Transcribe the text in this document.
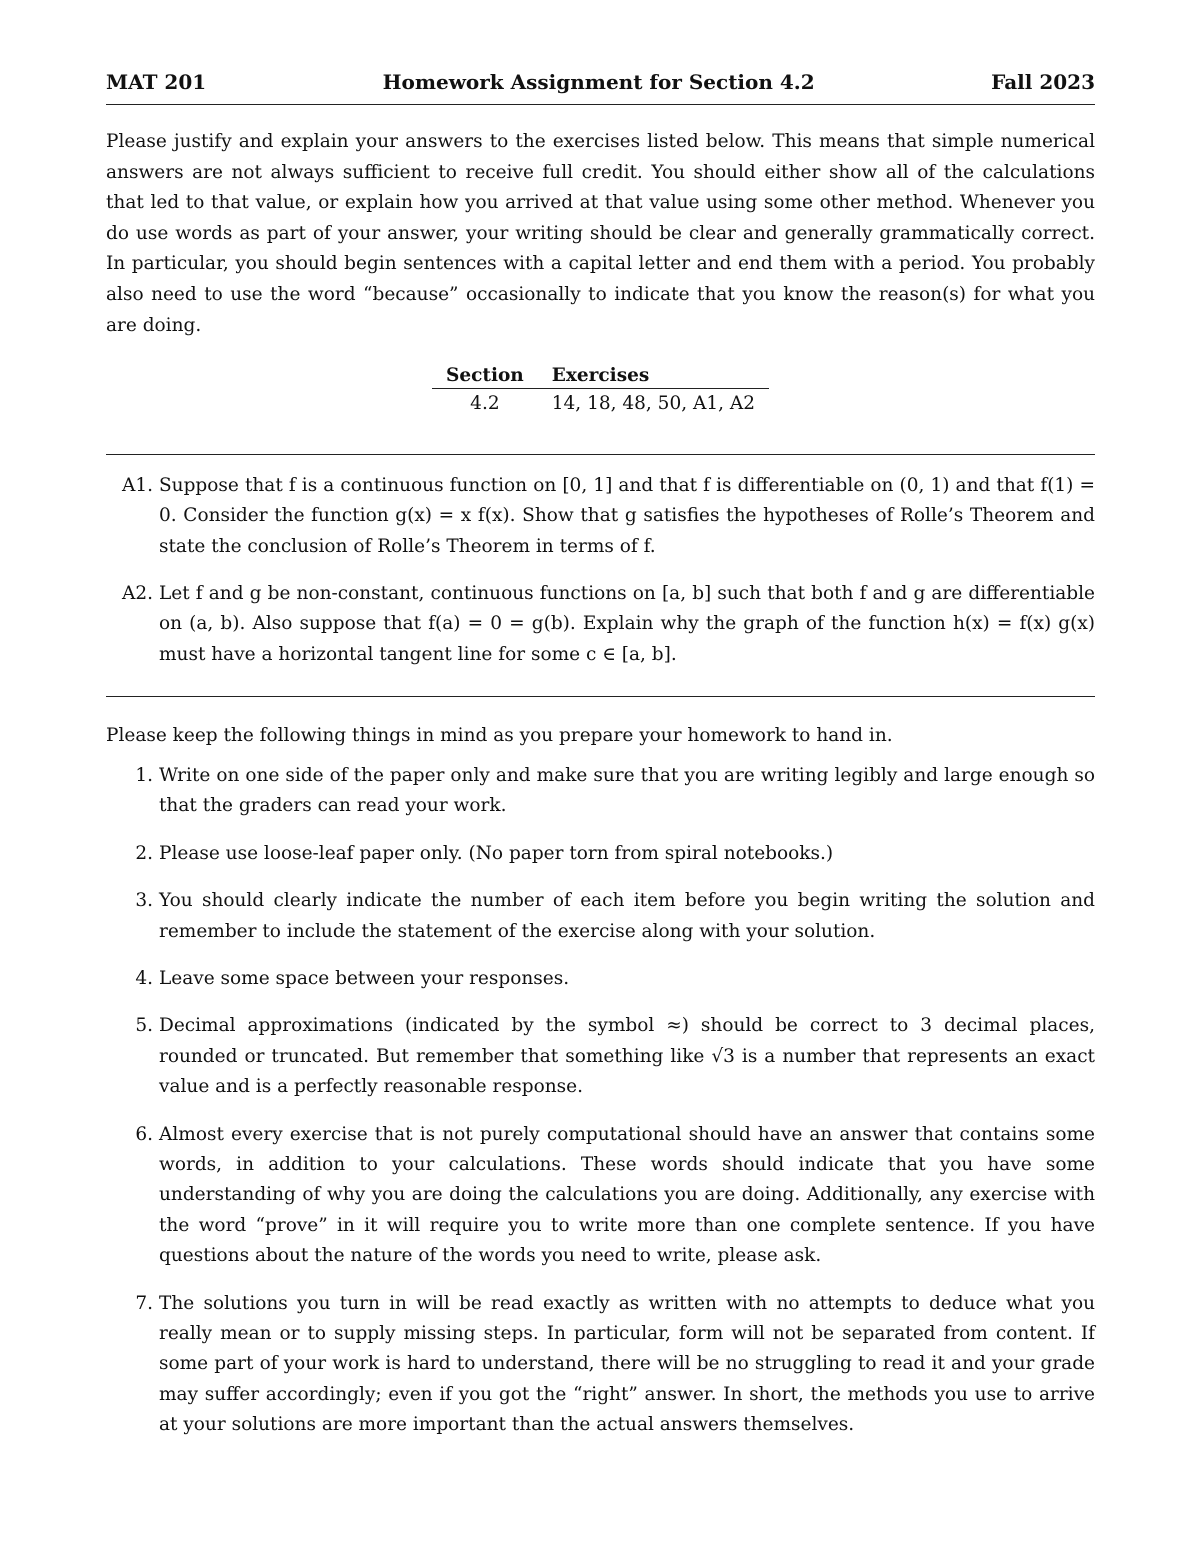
MAT 201	Homework Assignment for Section 4.2	Fall 2023

Please justify and explain your answers to the exercises listed below. This means that simple numerical answers are not always sufficient to receive full credit. You should either show all of the calculations that led to that value, or explain how you arrived at that value using some other method. Whenever you do use words as part of your answer, your writing should be clear and generally grammatically correct. In particular, you should begin sentences with a capital letter and end them with a period. You probably also need to use the word “because” occasionally to indicate that you know the reason(s) for what you are doing.

Section	Exercises
4.2	14, 18, 48, 50, A1, A2
A1. Suppose that f is a continuous function on [0, 1] and that f is differentiable on (0, 1) and that f(1) = 0. Consider the function g(x) = x f(x). Show that g satisfies the hypotheses of Rolle’s Theorem and state the conclusion of Rolle’s Theorem in terms of f.
A2. Let f and g be non-constant, continuous functions on [a, b] such that both f and g are differentiable on (a, b). Also suppose that f(a) = 0 = g(b). Explain why the graph of the function h(x) = f(x) g(x) must have a horizontal tangent line for some c ∈ [a, b].
Please keep the following things in mind as you prepare your homework to hand in.
1. Write on one side of the paper only and make sure that you are writing legibly and large enough so that the graders can read your work.
2. Please use loose-leaf paper only. (No paper torn from spiral notebooks.)
3. You should clearly indicate the number of each item before you begin writing the solution and remember to include the statement of the exercise along with your solution.
4. Leave some space between your responses.
5. Decimal approximations (indicated by the symbol ≈) should be correct to 3 decimal places, rounded or truncated. But remember that something like √3 is a number that represents an exact value and is a perfectly reasonable response.
6. Almost every exercise that is not purely computational should have an answer that contains some words, in addition to your calculations. These words should indicate that you have some understanding of why you are doing the calculations you are doing. Additionally, any exercise with the word “prove” in it will require you to write more than one complete sentence. If you have questions about the nature of the words you need to write, please ask.
7. The solutions you turn in will be read exactly as written with no attempts to deduce what you really mean or to supply missing steps. In particular, form will not be separated from content. If some part of your work is hard to understand, there will be no struggling to read it and your grade may suffer accordingly; even if you got the “right” answer. In short, the methods you use to arrive at your solutions are more important than the actual answers themselves.
